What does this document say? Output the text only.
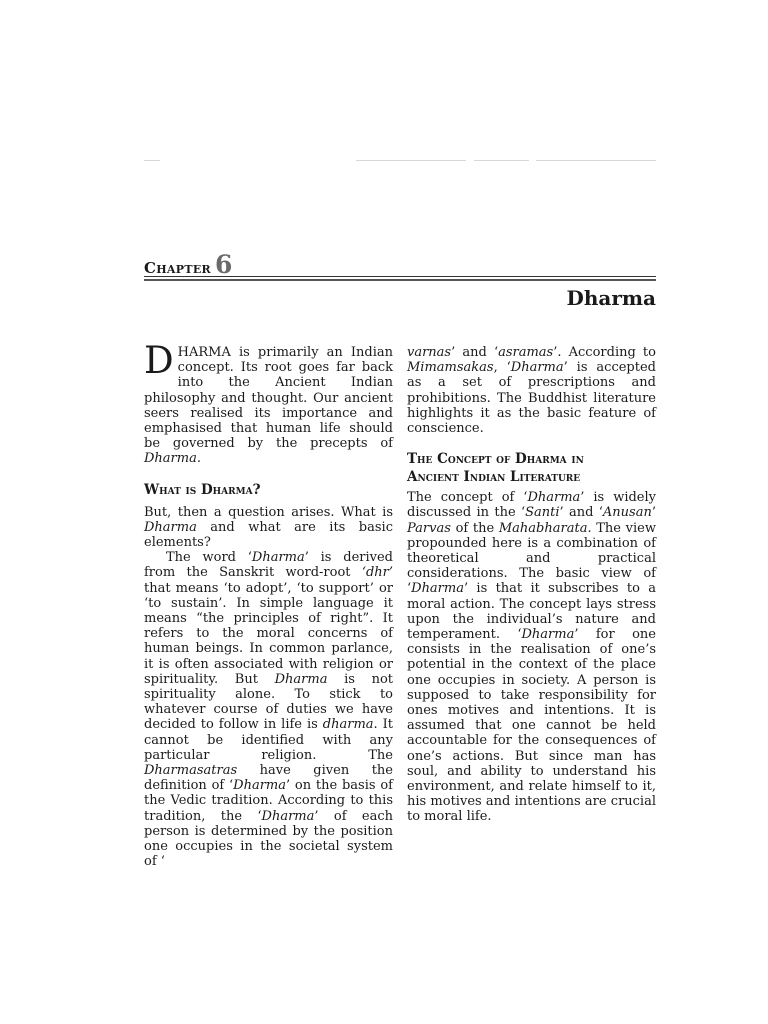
Chapter 6
Dharma

DHARMA is primarily an Indian concept. Its root goes far back into the Ancient Indian philosophy and thought. Our ancient seers realised its importance and emphasised that human life should be governed by the precepts of Dharma.

What is Dharma?

But, then a question arises. What is Dharma and what are its basic elements?

The word ‘Dharma’ is derived from the Sanskrit word-root ‘dhr’ that means ‘to adopt’, ‘to support’ or ‘to sustain’. In simple language it means “the principles of right”. It refers to the moral concerns of human beings. In common parlance, it is often associated with religion or spirituality. But Dharma is not spirituality alone. To stick to whatever course of duties we have decided to follow in life is dharma. It cannot be identified with any particular religion. The Dharmasatras have given the definition of ‘Dharma’ on the basis of the Vedic tradition. According to this tradition, the ‘Dharma’ of each person is determined by the position one occupies in the societal system of ‘

varnas’ and ‘asramas’. According to Mimamsakas, ‘Dharma’ is accepted as a set of prescriptions and prohibitions. The Buddhist literature highlights it as the basic feature of conscience.

The Concept of Dharma in
Ancient Indian Literature

The concept of ‘Dharma’ is widely discussed in the ‘Santi’ and ‘Anusan’ Parvas of the Mahabharata. The view propounded here is a combination of theoretical and practical considerations. The basic view of ‘Dharma’ is that it subscribes to a moral action. The concept lays stress upon the individual’s nature and temperament. ‘Dharma’ for one consists in the realisation of one’s potential in the context of the place one occupies in society. A person is supposed to take responsibility for ones motives and intentions. It is assumed that one cannot be held accountable for the consequences of one’s actions. But since man has soul, and ability to understand his environment, and relate himself to it, his motives and intentions are crucial to moral life.
